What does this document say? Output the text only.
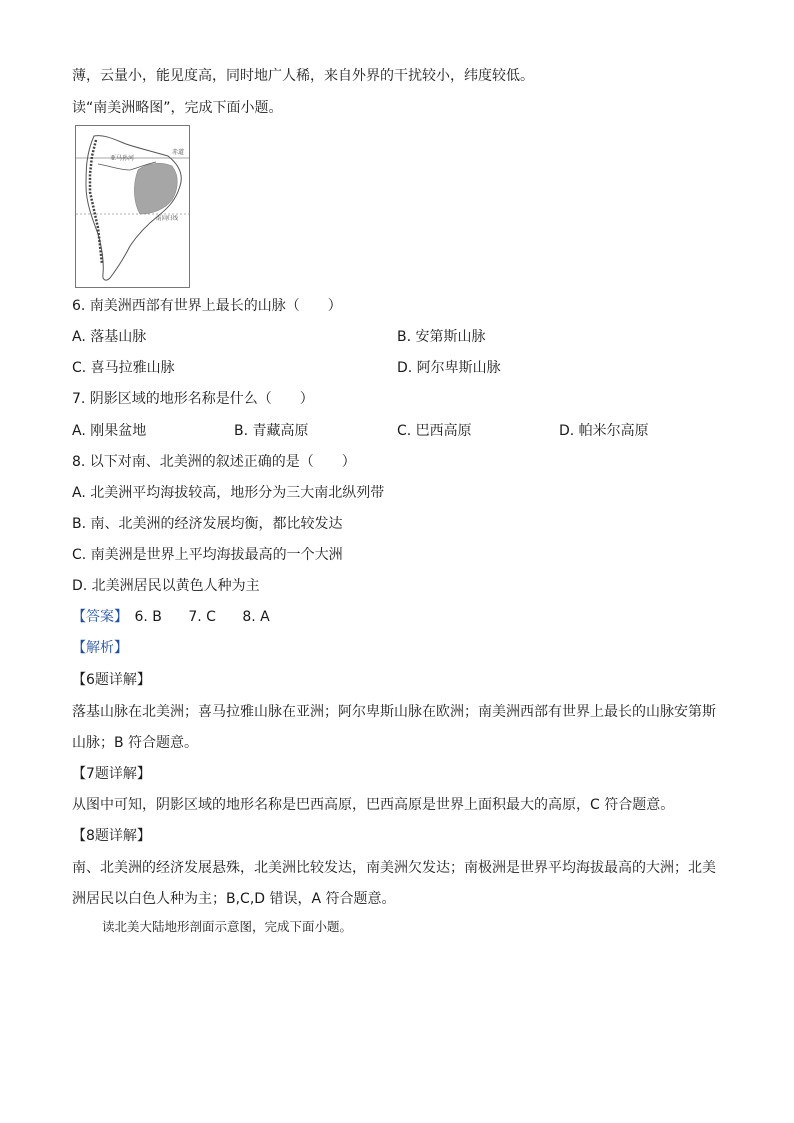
薄，云量小，能见度高，同时地广人稀，来自外界的干扰较小，纬度较低。
读“南美洲略图”，完成下面小题。
亚马孙河
赤道
南回归线
6. 南美洲西部有世界上最长的山脉（　　）
A. 落基山脉	B. 安第斯山脉
C. 喜马拉雅山脉	D. 阿尔卑斯山脉
7. 阴影区域的地形名称是什么（　　）
A. 刚果盆地	B. 青藏高原	C. 巴西高原	D. 帕米尔高原
8. 以下对南、北美洲的叙述正确的是（　　）
A. 北美洲平均海拔较高，地形分为三大南北纵列带
B. 南、北美洲的经济发展均衡，都比较发达
C. 南美洲是世界上平均海拔最高的一个大洲
D. 北美洲居民以黄色人种为主
【答案】 6. B 7. C 8. A
【解析】
【6题详解】
落基山脉在北美洲；喜马拉雅山脉在亚洲；阿尔卑斯山脉在欧洲；南美洲西部有世界上最长的山脉安第斯
山脉；B 符合题意。
【7题详解】
从图中可知，阴影区域的地形名称是巴西高原，巴西高原是世界上面积最大的高原，C 符合题意。
【8题详解】
南、北美洲的经济发展悬殊，北美洲比较发达，南美洲欠发达；南极洲是世界平均海拔最高的大洲；北美
洲居民以白色人种为主；B,C,D 错误，A 符合题意。
读北美大陆地形剖面示意图，完成下面小题。
